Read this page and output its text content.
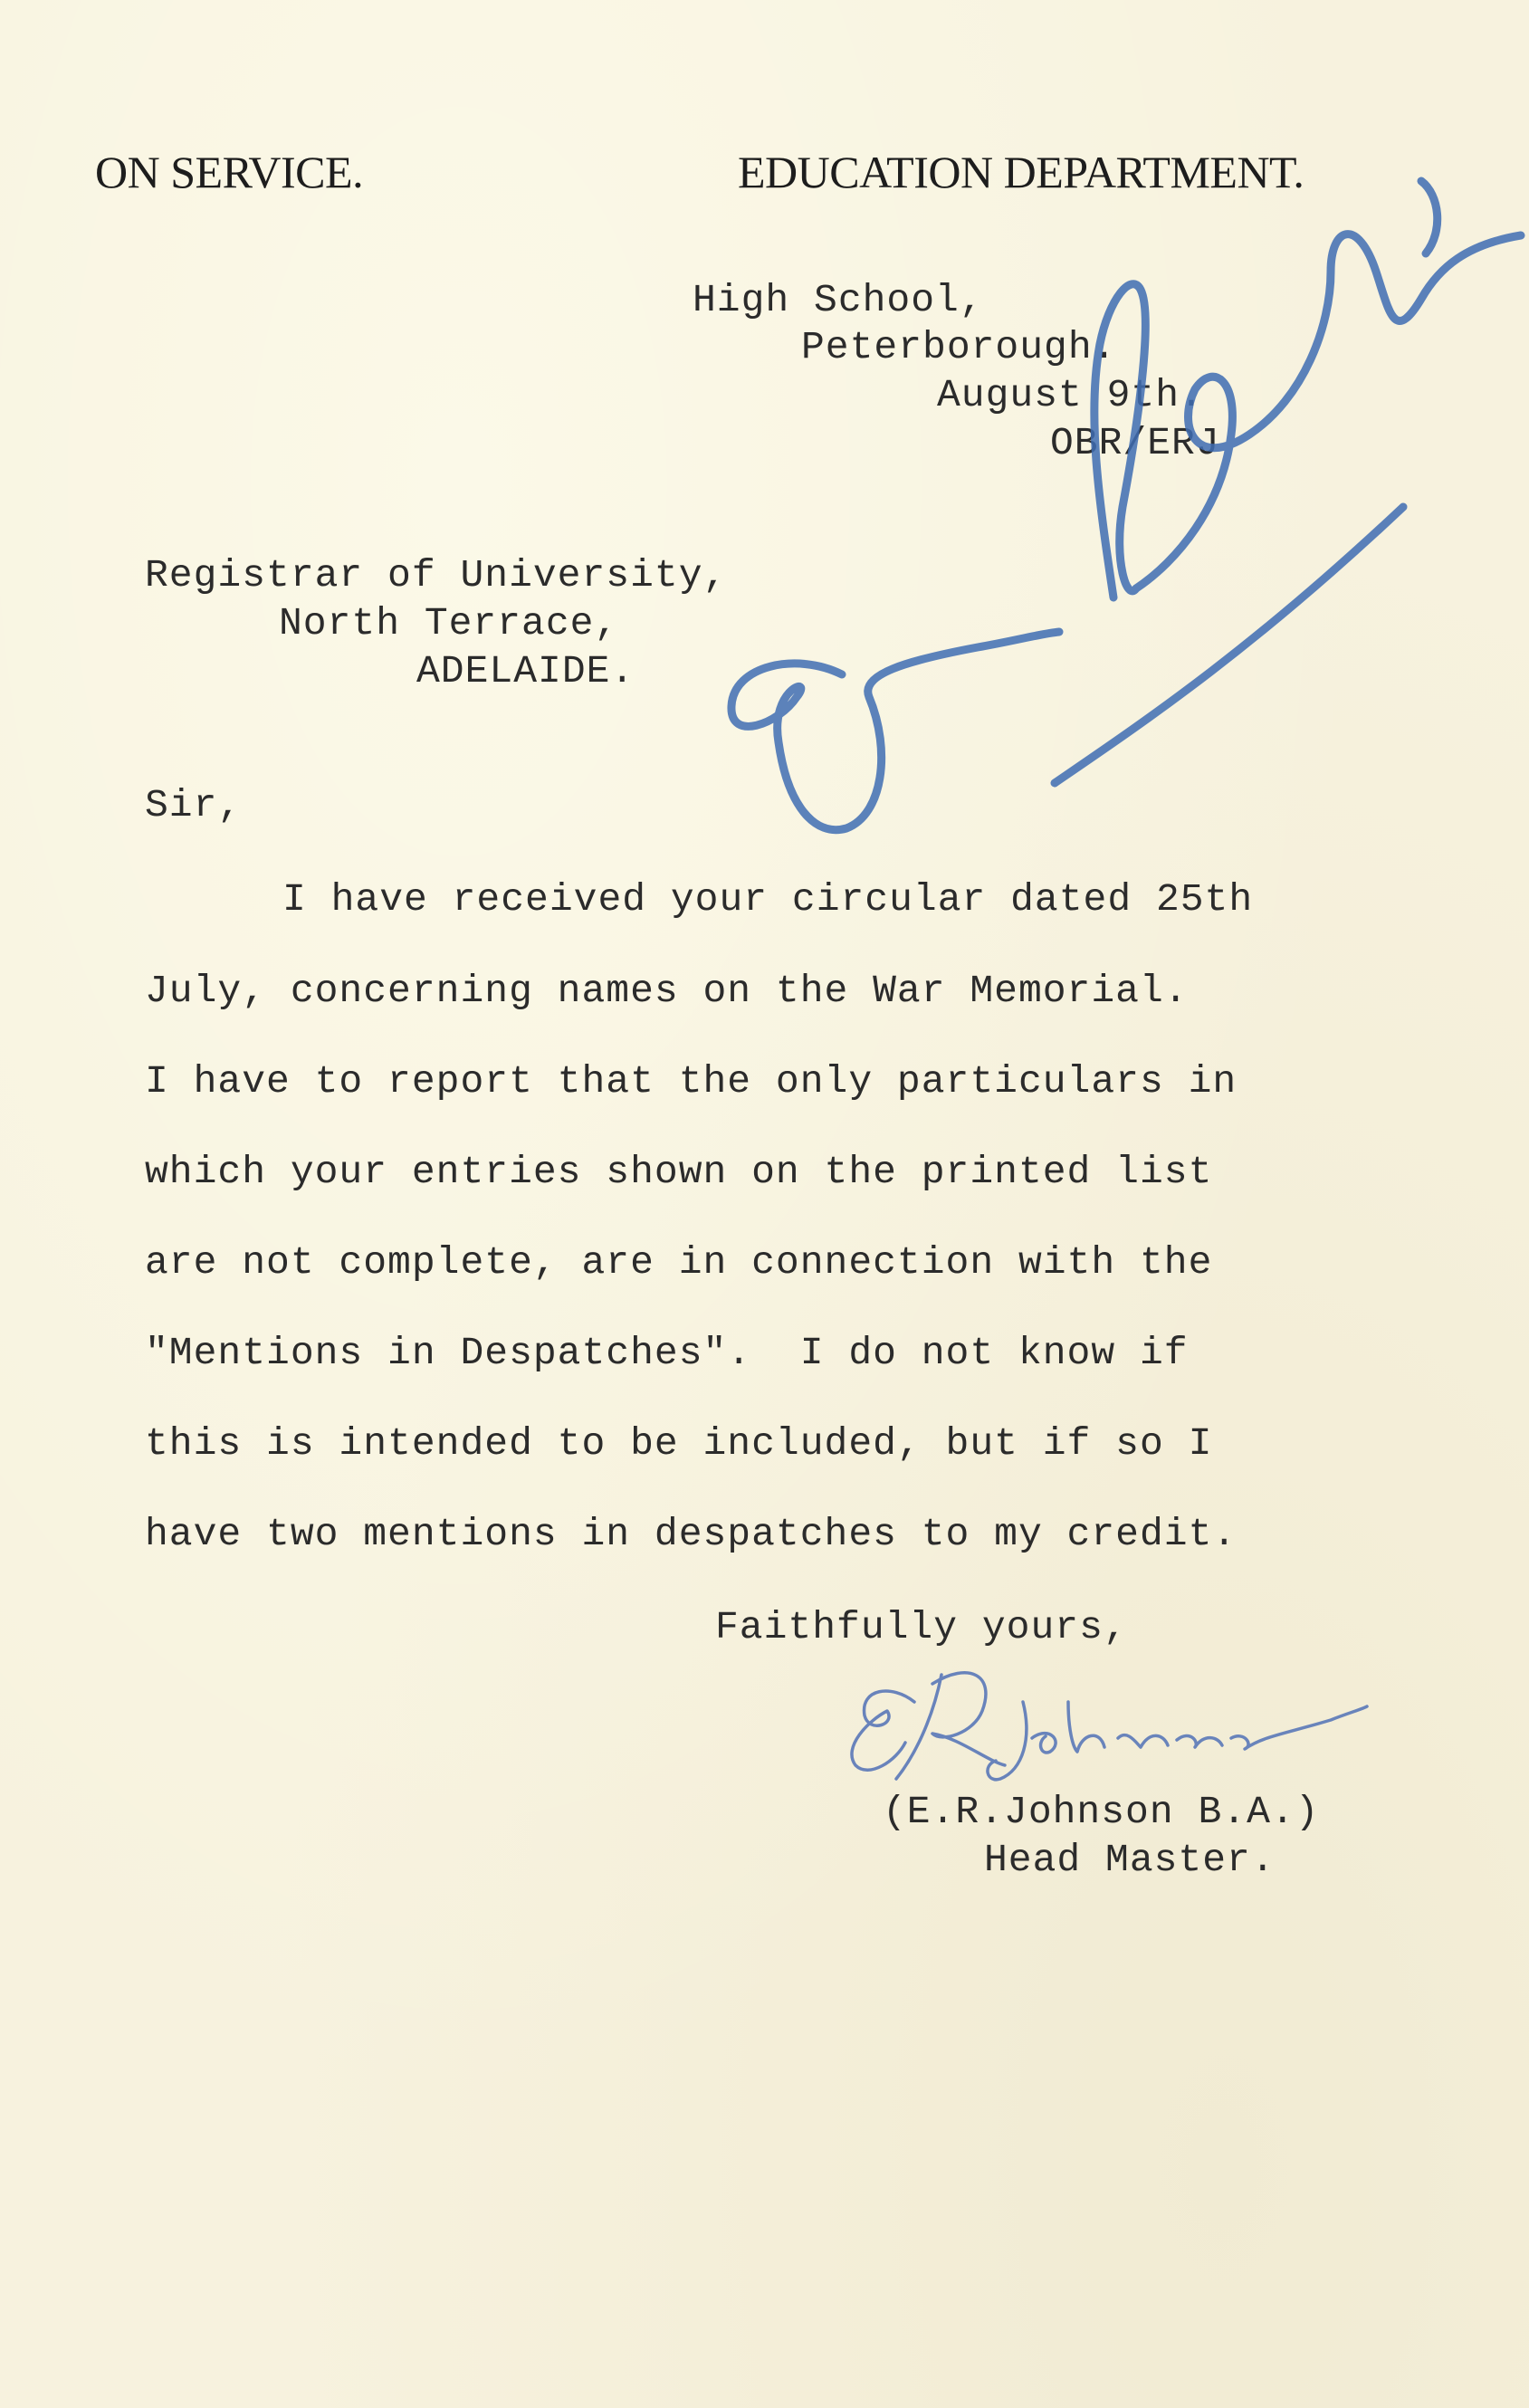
ON SERVICE.	EDUCATION DEPARTMENT.
High School,
Peterborough.
August 9th.
OBR/ERJ
Registrar of University,
North Terrace,
ADELAIDE.
Sir,
I have received your circular dated 25th
July, concerning names on the War Memorial.
I have to report that the only particulars in
which your entries shown on the printed list
are not complete, are in connection with the
"Mentions in Despatches".  I do not know if
this is intended to be included, but if so I
have two mentions in despatches to my credit.
Faithfully yours,
(E.R.Johnson B.A.)
Head Master.
